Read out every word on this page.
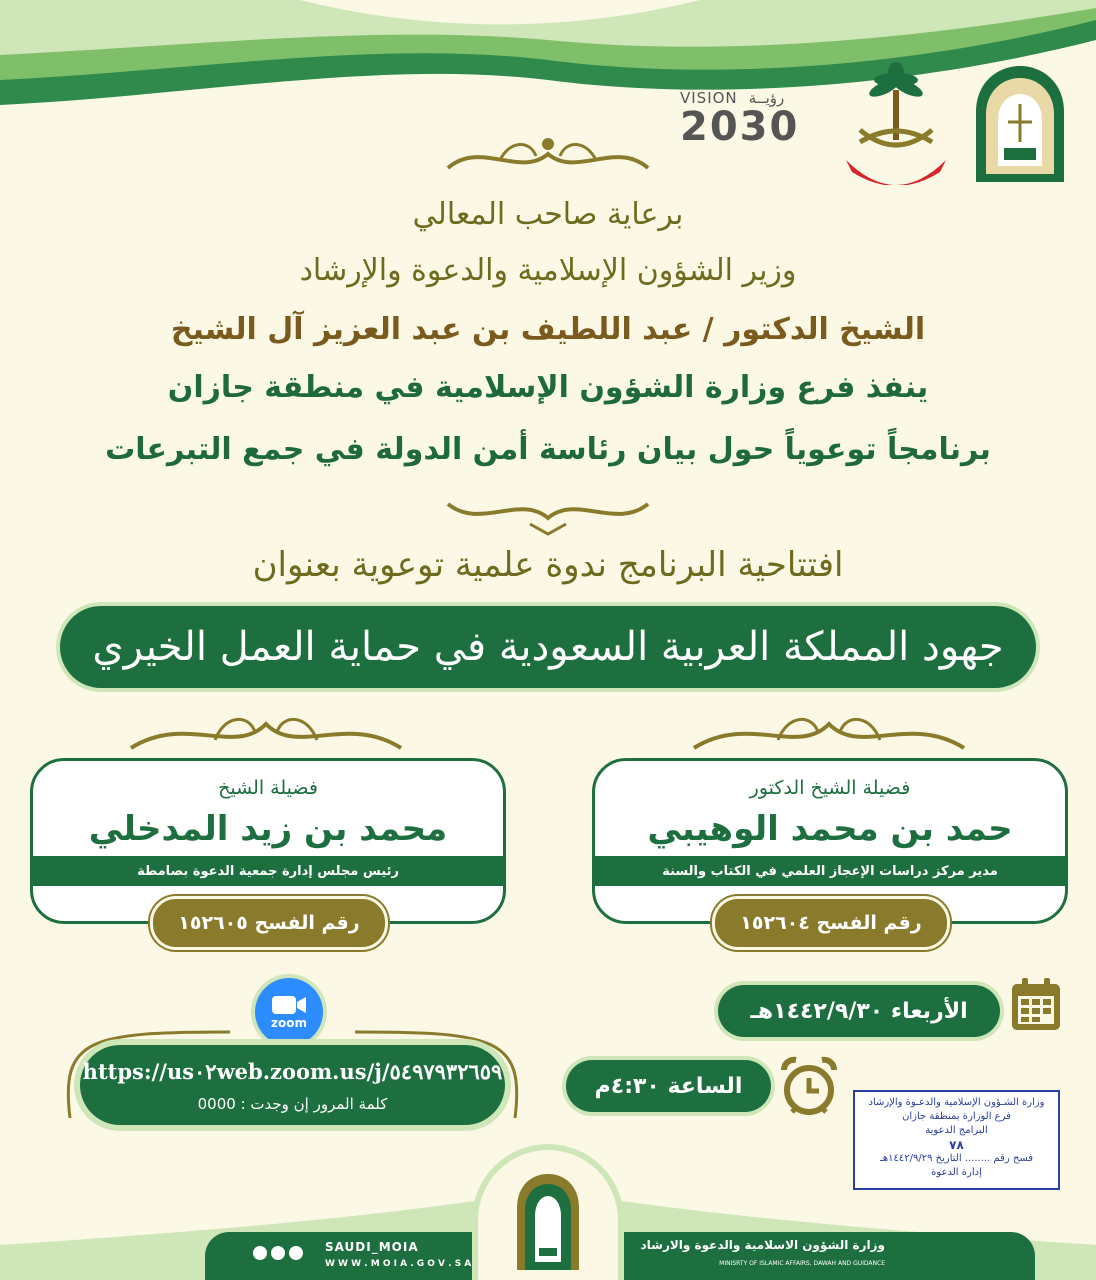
VISION رؤيــة
2030
برعاية صاحب المعالي
وزير الشؤون الإسلامية والدعوة والإرشاد
الشيخ الدكتور / عبد اللطيف بن عبد العزيز آل الشيخ
ينفذ فرع وزارة الشؤون الإسلامية في منطقة جازان
برنامجاً توعوياً حول بيان رئاسة أمن الدولة في جمع التبرعات
افتتاحية البرنامج ندوة علمية توعوية بعنوان
جهود المملكة العربية السعودية في حماية العمل الخيري
فضيلة الشيخ الدكتور
حمد بن محمد الوهيبي
مدير مركز دراسات الإعجاز العلمي في الكتاب والسنة
رقم الفسح ١٥٢٦٠٤
فضيلة الشيخ
محمد بن زيد المدخلي
رئيس مجلس إدارة جمعية الدعوة بصامطة
رقم الفسح ١٥٢٦٠٥
zoom
https://us٠٢web.zoom.us/j/٥٤٩٧٩٣٢٦٥٩
كلمة المرور إن وجدت : 0000
الأربعاء ١٤٤٢/٩/٣٠هـ
الساعة ٤:٣٠م
وزارة الشـؤون الإسلامية والدعـوة والإرشاد
فرع الوزارة بمنطقة جازان
البرامج الدعوية
٧٨
فسح رقم ........ التاريخ ١٤٤٢/٩/٢٩هـ
إدارة الدعوة
SAUDI_MOIA
W W W . M O I A . G O V . S A
وزارة الشؤون الاسلامية والدعوة والارشاد
MINISRTY OF ISLAMIC AFFAIRS, DAWAH AND GUIDANCE
